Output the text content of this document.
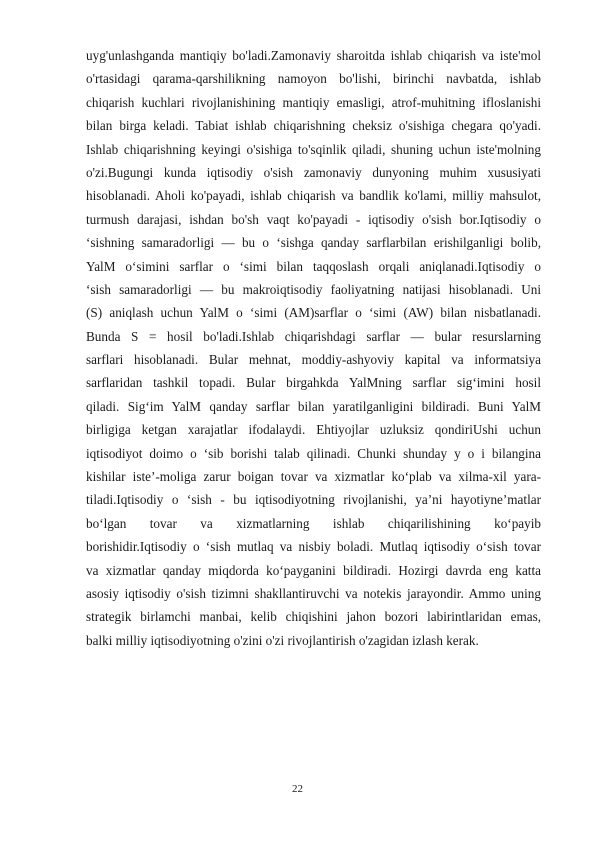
uyg'unlashganda mantiqiy bo'ladi.Zamonaviy sharoitda ishlab chiqarish va iste'mol
o'rtasidagi qarama-qarshilikning namoyon bo'lishi, birinchi navbatda, ishlab
chiqarish kuchlari rivojlanishining mantiqiy emasligi, atrof-muhitning ifloslanishi
bilan birga keladi. Tabiat ishlab chiqarishning cheksiz o'sishiga chegara qo'yadi.
Ishlab chiqarishning keyingi o'sishiga to'sqinlik qiladi, shuning uchun iste'molning
o'zi.Bugungi kunda iqtisodiy o'sish zamonaviy dunyoning muhim xususiyati
hisoblanadi. Aholi ko'payadi, ishlab chiqarish va bandlik ko'lami, milliy mahsulot,
turmush darajasi, ishdan bo'sh vaqt ko'payadi - iqtisodiy o'sish bor.Iqtisodiy o
‘sishning samaradorligi — bu o ‘sishga qanday sarflarbilan erishilganligi bolib,
YalM o‘simini sarflar o ‘simi bilan taqqoslash orqali aniqlanadi.Iqtisodiy o
‘sish samaradorligi — bu makroiqtisodiy faoliyatning natijasi hisoblanadi. Uni
(S) aniqlash uchun YalM o ‘simi (AM)sarflar o ‘simi (AW) bilan nisbatlanadi.
Bunda S = hosil bo'ladi.Ishlab chiqarishdagi sarflar — bular resurslarning
sarflari hisoblanadi. Bular mehnat, moddiy-ashyoviy kapital va informatsiya
sarflaridan tashkil topadi. Bular birgahkda YalMning sarflar sig‘imini hosil
qiladi. Sig‘im YalM qanday sarflar bilan yaratilganligini bildiradi. Buni YalM
birligiga ketgan xarajatlar ifodalaydi. Ehtiyojlar uzluksiz qondiriUshi uchun
iqtisodiyot doimo o ‘sib borishi talab qilinadi. Chunki shunday y o i bilangina
kishilar iste’-moliga zarur boigan tovar va xizmatlar ko‘plab va xilma-xil yara-
tiladi.Iqtisodiy o ‘sish - bu iqtisodiyotning rivojlanishi, ya’ni hayotiyne’matlar
bo‘lgan tovar va xizmatlarning ishlab chiqarilishining ko‘payib
borishidir.Iqtisodiy o ‘sish mutlaq va nisbiy boladi. Mutlaq iqtisodiy o‘sish tovar
va xizmatlar qanday miqdorda ko‘payganini bildiradi. Hozirgi davrda eng katta
asosiy iqtisodiy o'sish tizimni shakllantiruvchi va notekis jarayondir. Ammo uning
strategik birlamchi manbai, kelib chiqishini jahon bozori labirintlaridan emas,
balki milliy iqtisodiyotning o'zini o'zi rivojlantirish o'zagidan izlash kerak.
22
